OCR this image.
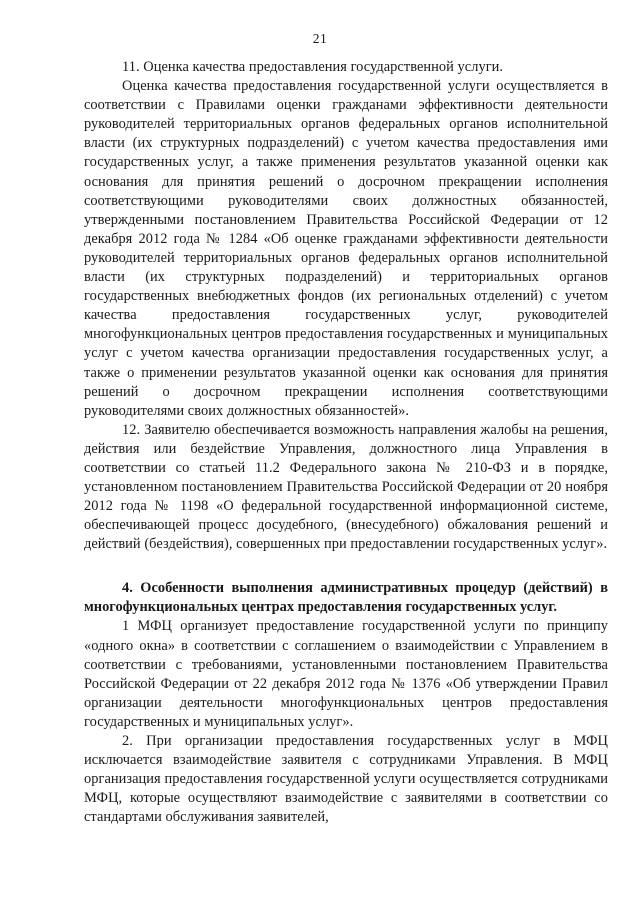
21

11. Оценка качества предоставления государственной услуги.

Оценка качества предоставления государственной услуги осуществляется в соответствии с Правилами оценки гражданами эффективности деятельности руководителей территориальных органов федеральных органов исполнительной власти (их структурных подразделений) с учетом качества предоставления ими государственных услуг, а также применения результатов указанной оценки как основания для принятия решений о досрочном прекращении исполнения соответствующими руководителями своих должностных обязанностей, утвержденными постановлением Правительства Российской Федерации от 12 декабря 2012 года № 1284 «Об оценке гражданами эффективности деятельности руководителей территориальных органов федеральных органов исполнительной власти (их структурных подразделений) и территориальных органов государственных внебюджетных фондов (их региональных отделений) с учетом качества предоставления государственных услуг, руководителей многофункциональных центров предоставления государственных и муниципальных услуг с учетом качества организации предоставления государственных услуг, а также о применении результатов указанной оценки как основания для принятия решений о досрочном прекращении исполнения соответствующими руководителями своих должностных обязанностей».

12. Заявителю обеспечивается возможность направления жалобы на решения, действия или бездействие Управления, должностного лица Управления в соответствии со статьей 11.2 Федерального закона № 210-ФЗ и в порядке, установленном постановлением Правительства Российской Федерации от 20 ноября 2012 года № 1198 «О федеральной государственной информационной системе, обеспечивающей процесс досудебного, (внесудебного) обжалования решений и действий (бездействия), совершенных при предоставлении государственных услуг».

4. Особенности выполнения административных процедур (действий) в многофункциональных центрах предоставления государственных услуг.

1 МФЦ организует предоставление государственной услуги по принципу «одного окна» в соответствии с соглашением о взаимодействии с Управлением в соответствии с требованиями, установленными постановлением Правительства Российской Федерации от 22 декабря 2012 года № 1376 «Об утверждении Правил организации деятельности многофункциональных центров предоставления государственных и муниципальных услуг».

2. При организации предоставления государственных услуг в МФЦ исключается взаимодействие заявителя с сотрудниками Управления. В МФЦ организация предоставления государственной услуги осуществляется сотрудниками МФЦ, которые осуществляют взаимодействие с заявителями в соответствии со стандартами обслуживания заявителей,
